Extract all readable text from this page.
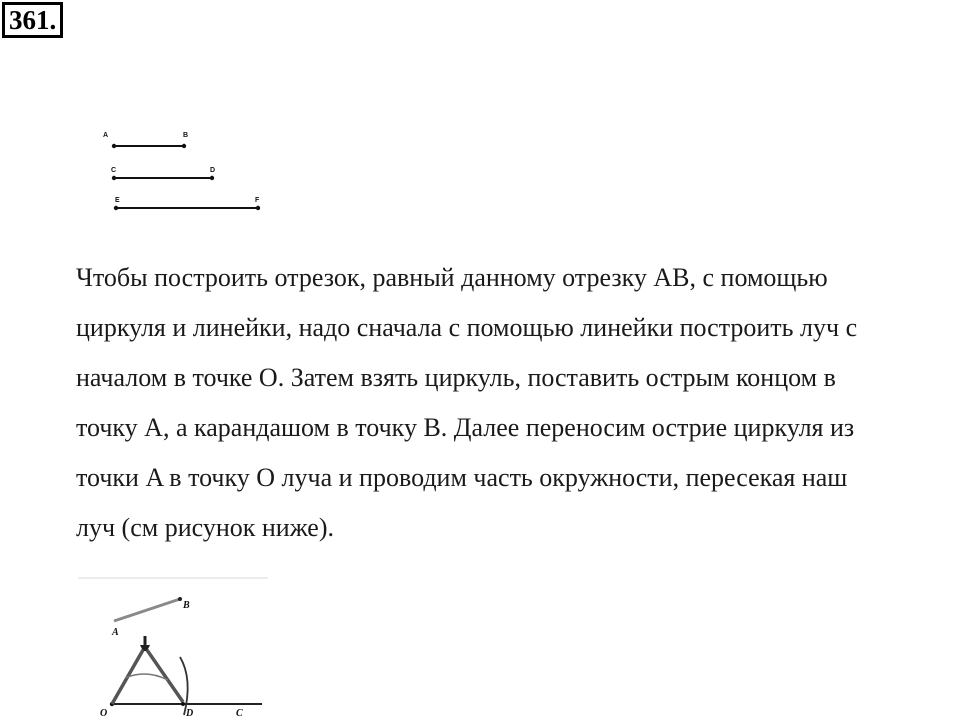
361.
A	B
C	D
E	F

Чтобы построить отрезок, равный данному отрезку AB, с помощью
циркуля и линейки, надо сначала с помощью линейки построить луч с
началом в точке O. Затем взять циркуль, поставить острым концом в
точку A, а карандашом в точку B. Далее переносим острие циркуля из
точки A в точку O луча и проводим часть окружности, пересекая наш
луч (см рисунок ниже).

A
B
O	D	C
